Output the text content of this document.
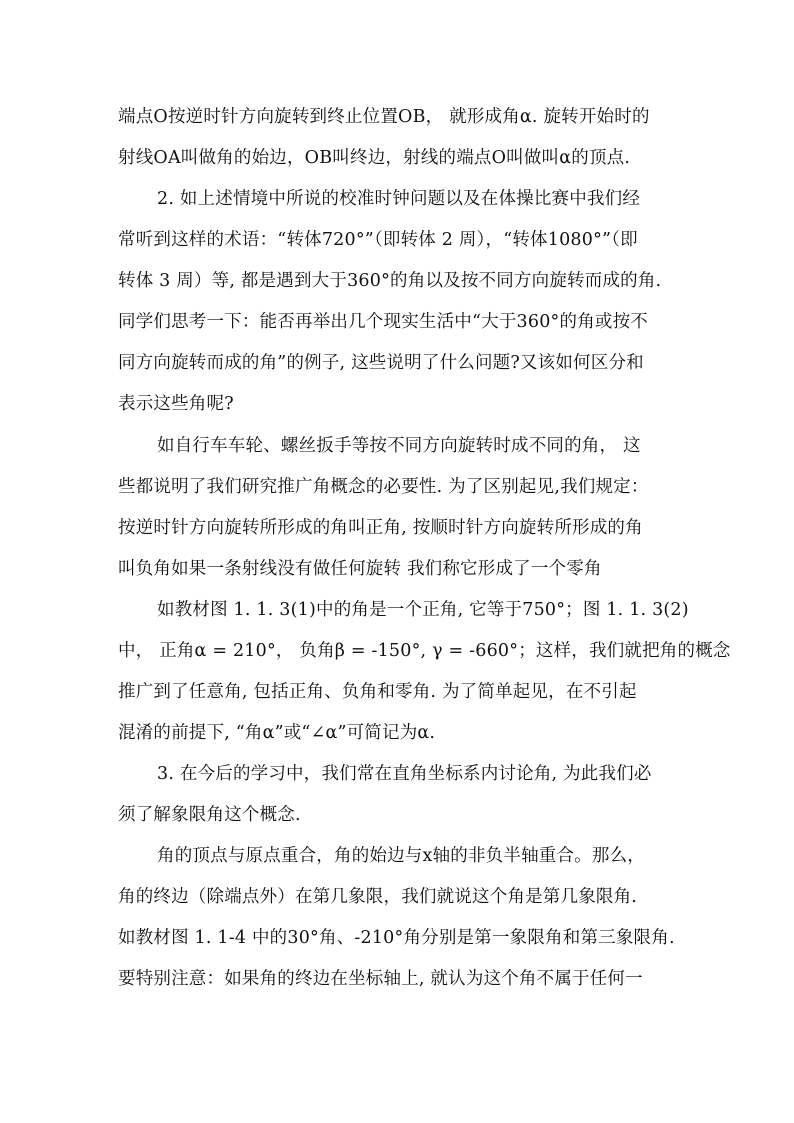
端点O按逆时针方向旋转到终止位置OB， 就形成角α. 旋转开始时的
射线OA叫做角的始边，OB叫终边，射线的端点O叫做叫α的顶点.
2. 如上述情境中所说的校准时钟问题以及在体操比赛中我们经
常听到这样的术语：“转体720°”（即转体 2 周），“转体1080°”（即
转体 3 周）等, 都是遇到大于360°的角以及按不同方向旋转而成的角.
同学们思考一下：能否再举出几个现实生活中“大于360°的角或按不
同方向旋转而成的角”的例子, 这些说明了什么问题?又该如何区分和
表示这些角呢?
如自行车车轮、螺丝扳手等按不同方向旋转时成不同的角， 这
些都说明了我们研究推广角概念的必要性. 为了区别起见,我们规定：
按逆时针方向旋转所形成的角叫正角, 按顺时针方向旋转所形成的角
叫负角如果一条射线没有做任何旋转 我们称它形成了一个零角
如教材图 1. 1. 3(1)中的角是一个正角, 它等于750°；图 1. 1. 3(2)
中， 正角α = 210°， 负角β = -150°, γ = -660°；这样，我们就把角的概念
推广到了任意角, 包括正角、负角和零角. 为了简单起见，在不引起
混淆的前提下, “角α”或“∠α”可简记为α.
3. 在今后的学习中，我们常在直角坐标系内讨论角, 为此我们必
须了解象限角这个概念.
角的顶点与原点重合，角的始边与x轴的非负半轴重合。那么，
角的终边（除端点外）在第几象限，我们就说这个角是第几象限角.
如教材图 1. 1-4 中的30°角、-210°角分别是第一象限角和第三象限角.
要特别注意：如果角的终边在坐标轴上, 就认为这个角不属于任何一
